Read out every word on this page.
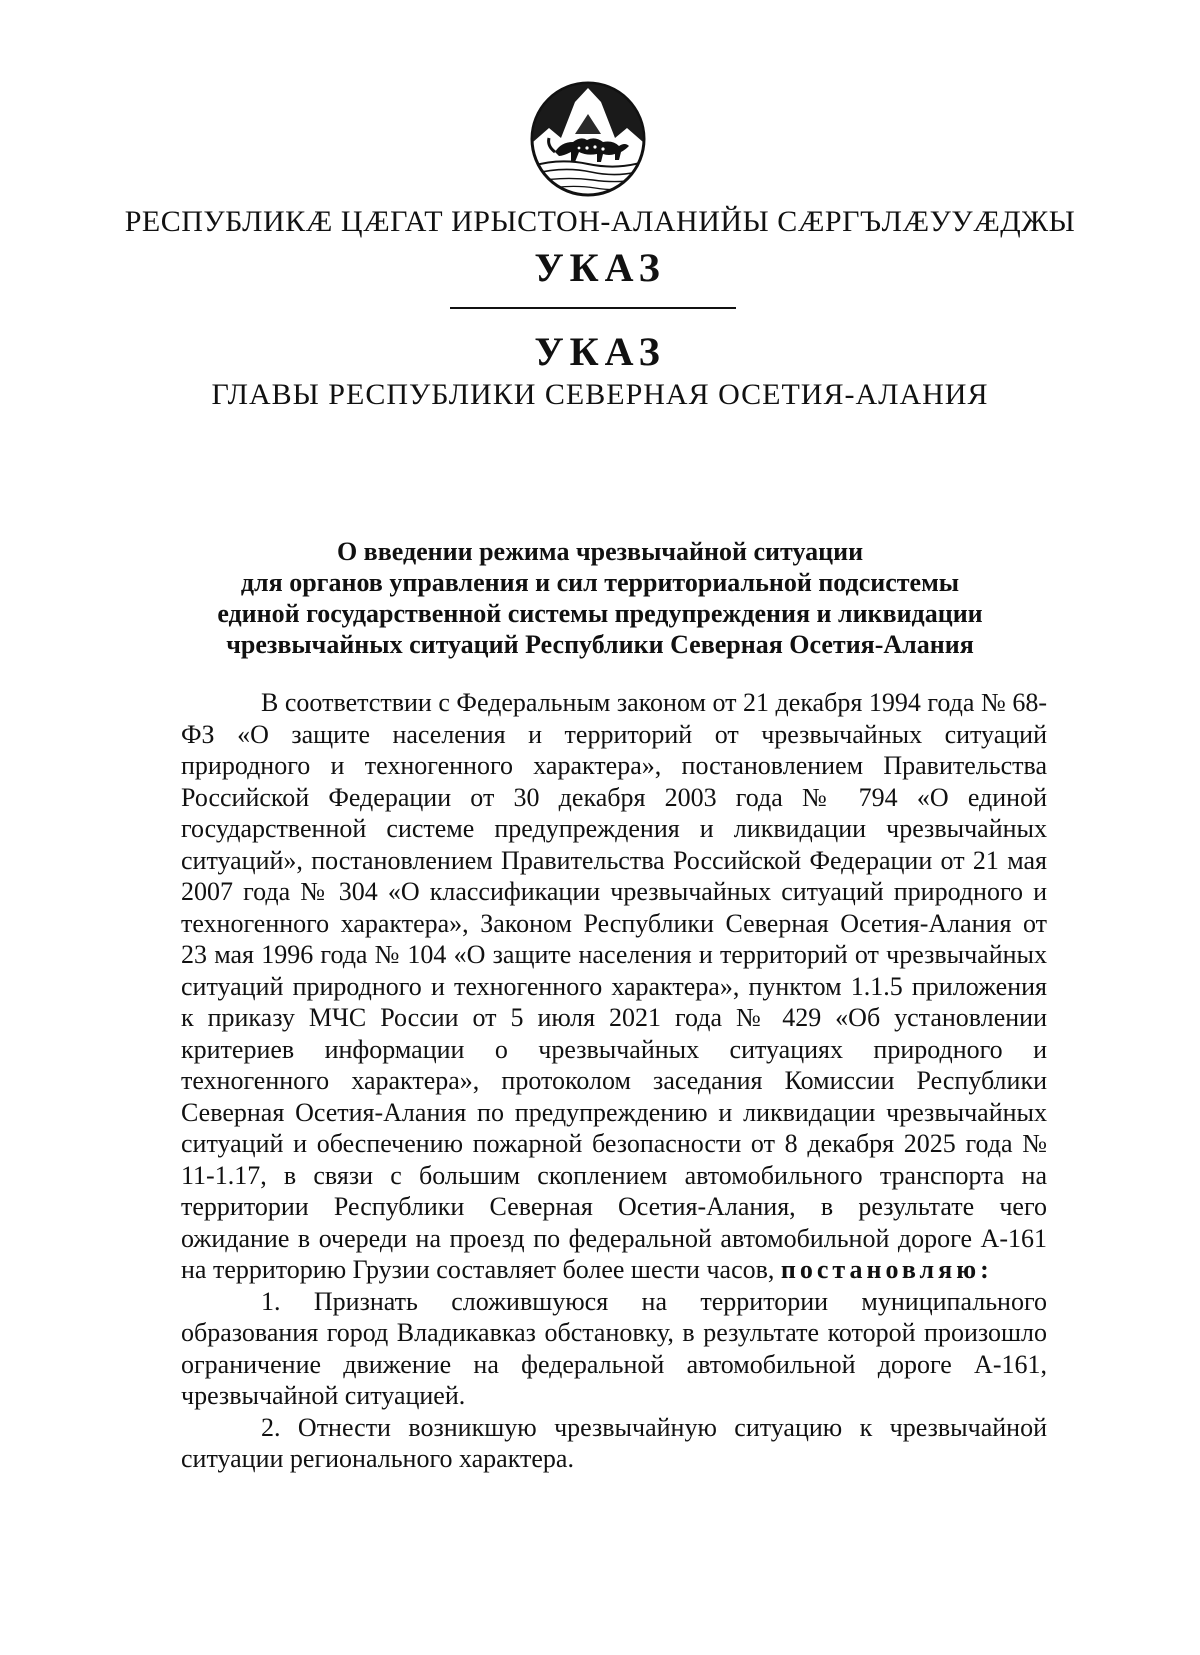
РЕСПУБЛИКӔ ЦӔГАТ ИРЫСТОН-АЛАНИЙЫ СӔРГЪЛӔУУӔДЖЫ
УКАЗ
УКАЗ
ГЛАВЫ РЕСПУБЛИКИ СЕВЕРНАЯ ОСЕТИЯ-АЛАНИЯ
О введении режима чрезвычайной ситуации
для органов управления и сил территориальной подсистемы
единой государственной системы предупреждения и ликвидации
чрезвычайных ситуаций Республики Северная Осетия-Алания

В соответствии с Федеральным законом от 21 декабря 1994 года № 68-ФЗ «О защите населения и территорий от чрезвычайных ситуаций природного и техногенного характера», постановлением Правительства Российской Федерации от 30 декабря 2003 года № 794 «О единой государственной системе предупреждения и ликвидации чрезвычайных ситуаций», постановлением Правительства Российской Федерации от 21 мая 2007 года № 304 «О классификации чрезвычайных ситуаций природного и техногенного характера», Законом Республики Северная Осетия-Алания от 23 мая 1996 года № 104 «О защите населения и территорий от чрезвычайных ситуаций природного и техногенного характера», пунктом 1.1.5 приложения к приказу МЧС России от 5 июля 2021 года № 429 «Об установлении критериев информации о чрезвычайных ситуациях природного и техногенного характера», протоколом заседания Комиссии Республики Северная Осетия-Алания по предупреждению и ликвидации чрезвычайных ситуаций и обеспечению пожарной безопасности от 8 декабря 2025 года № 11-1.17, в связи с большим скоплением автомобильного транспорта на территории Республики Северная Осетия-Алания, в результате чего ожидание в очереди на проезд по федеральной автомобильной дороге А-161 на территорию Грузии составляет более шести часов, постановляю:

1. Признать сложившуюся на территории муниципального образования город Владикавказ обстановку, в результате которой произошло ограничение движение на федеральной автомобильной дороге А-161, чрезвычайной ситуацией.

2. Отнести возникшую чрезвычайную ситуацию к чрезвычайной ситуации регионального характера.
